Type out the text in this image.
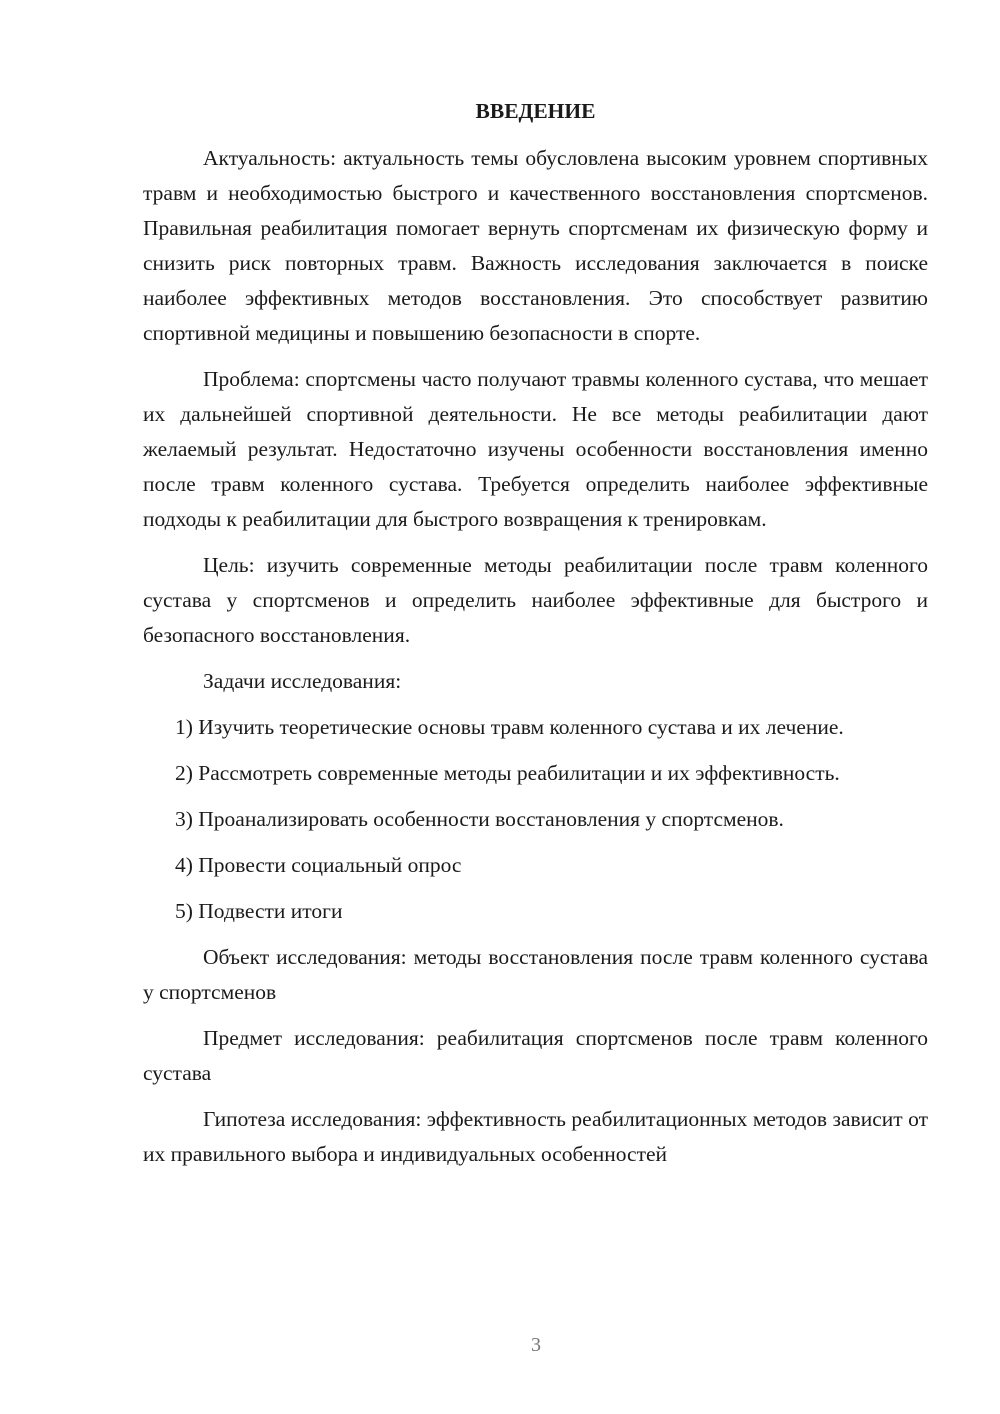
ВВЕДЕНИЕ

Актуальность: актуальность темы обусловлена высоким уровнем спортивных травм и необходимостью быстрого и качественного восстановления спортсменов. Правильная реабилитация помогает вернуть спортсменам их физическую форму и снизить риск повторных травм. Важность исследования заключается в поиске наиболее эффективных методов восстановления. Это способствует развитию спортивной медицины и повышению безопасности в спорте.

Проблема: спортсмены часто получают травмы коленного сустава, что мешает их дальнейшей спортивной деятельности. Не все методы реабилитации дают желаемый результат. Недостаточно изучены особенности восстановления именно после травм коленного сустава. Требуется определить наиболее эффективные подходы к реабилитации для быстрого возвращения к тренировкам.

Цель: изучить современные методы реабилитации после травм коленного сустава у спортсменов и определить наиболее эффективные для быстрого и безопасного восстановления.

Задачи исследования:

1) Изучить теоретические основы травм коленного сустава и их лечение.

2) Рассмотреть современные методы реабилитации и их эффективность.

3) Проанализировать особенности восстановления у спортсменов.

4) Провести социальный опрос

5) Подвести итоги

Объект исследования: методы восстановления после травм коленного сустава у спортсменов

Предмет исследования: реабилитация спортсменов после травм коленного сустава

Гипотеза исследования: эффективность реабилитационных методов зависит от их правильного выбора и индивидуальных особенностей

3
